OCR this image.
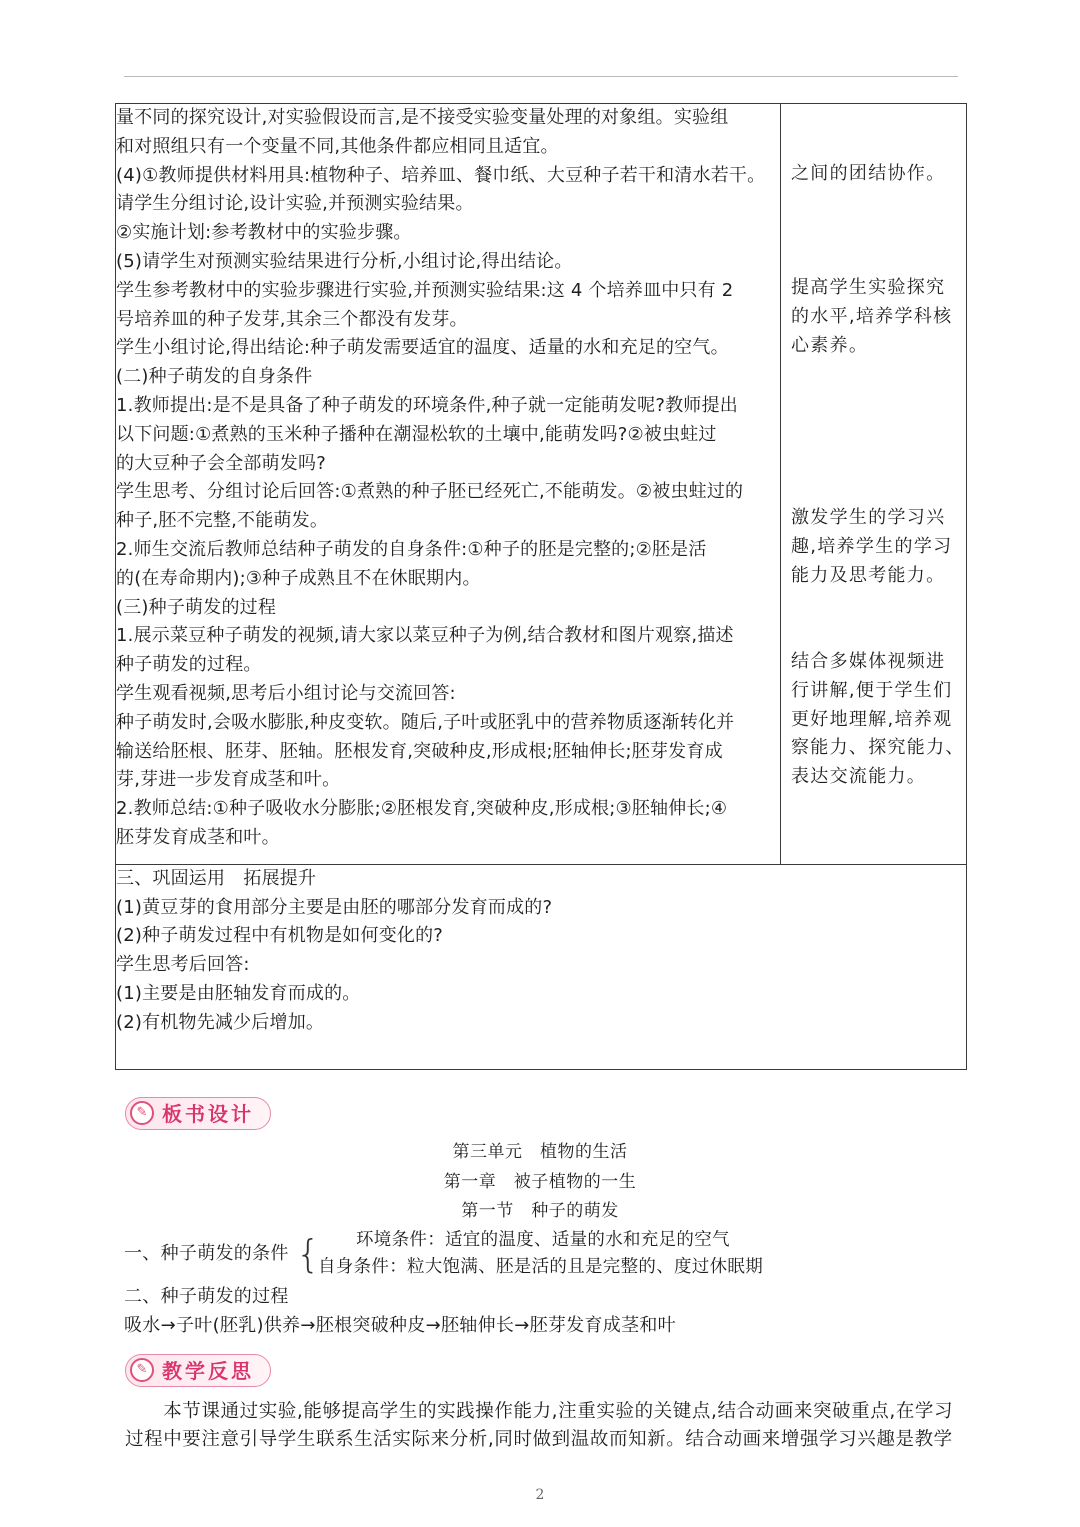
量不同的探究设计,对实验假设而言,是不接受实验变量处理的对象组。实验组
和对照组只有一个变量不同,其他条件都应相同且适宜。
(4)①教师提供材料用具:植物种子、培养皿、餐巾纸、大豆种子若干和清水若干。
请学生分组讨论,设计实验,并预测实验结果。
②实施计划:参考教材中的实验步骤。
(5)请学生对预测实验结果进行分析,小组讨论,得出结论。
学生参考教材中的实验步骤进行实验,并预测实验结果:这 4 个培养皿中只有 2
号培养皿的种子发芽,其余三个都没有发芽。
学生小组讨论,得出结论:种子萌发需要适宜的温度、适量的水和充足的空气。
(二)种子萌发的自身条件
1.教师提出:是不是具备了种子萌发的环境条件,种子就一定能萌发呢?教师提出
以下问题:①煮熟的玉米种子播种在潮湿松软的土壤中,能萌发吗?②被虫蛀过
的大豆种子会全部萌发吗?
学生思考、分组讨论后回答:①煮熟的种子胚已经死亡,不能萌发。②被虫蛀过的
种子,胚不完整,不能萌发。
2.师生交流后教师总结种子萌发的自身条件:①种子的胚是完整的;②胚是活
的(在寿命期内);③种子成熟且不在休眠期内。
(三)种子萌发的过程
1.展示菜豆种子萌发的视频,请大家以菜豆种子为例,结合教材和图片观察,描述
种子萌发的过程。
学生观看视频,思考后小组讨论与交流回答:
种子萌发时,会吸水膨胀,种皮变软。随后,子叶或胚乳中的营养物质逐渐转化并
输送给胚根、胚芽、胚轴。胚根发育,突破种皮,形成根;胚轴伸长;胚芽发育成
芽,芽进一步发育成茎和叶。
2.教师总结:①种子吸收水分膨胀;②胚根发育,突破种皮,形成根;③胚轴伸长;④
胚芽发育成茎和叶。

之间的团结协作。
提高学生实验探究
的水平,培养学科核
心素养。
激发学生的学习兴
趣,培养学生的学习
能力及思考能力。
结合多媒体视频进
行讲解,便于学生们
更好地理解,培养观
察能力、探究能力、
表达交流能力。

三、巩固运用　拓展提升
(1)黄豆芽的食用部分主要是由胚的哪部分发育而成的?
(2)种子萌发过程中有机物是如何变化的?
学生思考后回答:
(1)主要是由胚轴发育而成的。
(2)有机物先减少后增加。
✎ 板书设计
第三单元　植物的生活
第一章　被子植物的一生
第一节　种子的萌发
一、种子萌发的条件 { 环境条件：适宜的温度、适量的水和充足的空气
自身条件：粒大饱满、胚是活的且是完整的、度过休眠期
二、种子萌发的过程
吸水→子叶(胚乳)供养→胚根突破种皮→胚轴伸长→胚芽发育成茎和叶
✎ 教学反思
　　本节课通过实验,能够提高学生的实践操作能力,注重实验的关键点,结合动画来突破重点,在学习
过程中要注意引导学生联系生活实际来分析,同时做到温故而知新。结合动画来增强学习兴趣是教学
2
